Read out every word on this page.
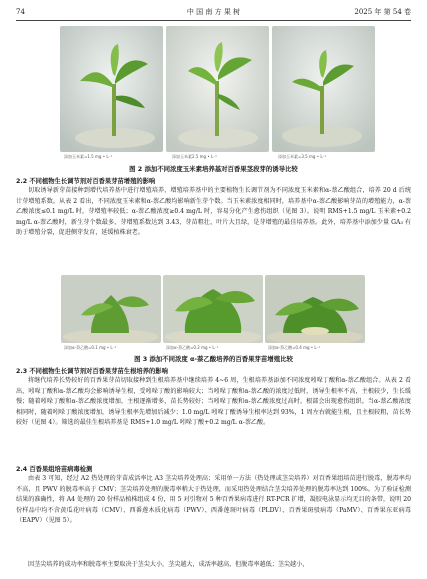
74	中 国 南 方 果 树	2025 年 第 54 卷
添加玉米素=1.5 mg • L⁻¹	添加玉米素2.5 mg • L⁻¹	添加玉米素=3.5 mg • L⁻¹
图 2 添加不同浓度玉米素培养基对百香果茎段芽的诱导比较
2.2 不同植物生长调节剂对百香果芽苗增殖的影响
切取诱导新芽苗接种到增代培养基中进行增殖培养，增殖培养基中的主要植物生长调节剂为不同浓度玉米素和α-萘乙酸组合，培养 20 d 后统计芽增殖系数。从表 2 看出，不同浓度玉米素和α-萘乙酸均影响新生芽个数。当玉米素浓度相同时，培养基中α-萘乙酸影响芽苗的增殖能力，α-萘乙酸浓度≤0.1 mg/L 时，芽增殖率较低；α-萘乙酸浓度≥0.4 mg/L 时，容易分化产生愈伤组织（见图 3）。说明 RMS+1.5 mg/L 玉米素+0.2 mg/L α-萘乙酸时，新生芽个数最多，芽增殖系数达到 3.43，芽苗粗壮，叶片大且绿，是芽增殖的最佳培养基。此外，培养基中添加少量 GA₃ 有助于增殖分裂，促进侧芽发育，延缓植株衰老。
添加α-萘乙酸=0.1 mg • L⁻¹	添加α-萘乙酸=0.2 mg • L⁻¹	添加α-萘乙酸=0.4 mg • L⁻¹
图 3 添加不同浓度 α-萘乙酸培养的百香果芽苗增殖比较
2.3 不同植物生长调节剂对百香果芽苗生根培养的影响
将继代培养长势较好的百香果芽苗切取接种到生根培养基中继续培养 4~6 周，生根培养基添加不同浓度吲哚丁酸和α-萘乙酸组合。从表 2 看出，吲哚丁酸和α-萘乙酸均会影响诱导生根，受吲哚丁酸的影响较大；当吲哚丁酸和α-萘乙酸的浓度过低时，诱导生根率不高，主根较少，生长缓慢；随着吲哚丁酸和α-萘乙酸浓度增加，主根逐渐增多，苗长势较好；当吲哚丁酸和α-萘乙酸浓度过高时，根部会出现愈伤组织。当α-萘乙酸浓度相同时，随着吲哚丁酸浓度增加，诱导生根率先增加后减少；1.0 mg/L 吲哚丁酸诱导生根率达到 93%，1 周左右就能生根，且主根较粗，苗长势较好（见图 4）。筛选的最佳生根培养基是 RMS+1.0 mg/L 吲哚丁酸+0.2 mg/L α-萘乙酸。
2.4 百香果组培苗病毒检测
由表 3 可知，经过 A2 热处理的芽苗成活率比 A3 茎尖培养处理高；采用单一方法（热处理或茎尖培养）对百香果组培苗进行脱毒，脱毒率均不高，且 PWV 的脱毒率高于 CMV；茎尖培养处理的脱毒率稍大于热处理，而采用热处理结合茎尖培养处理的脱毒率达到 100%。为了验证检测结果的准确性，将 A4 处理的 20 份样品植株组成 4 份，用 5 对引物对 5 种百香果病毒进行 RT-PCR 扩增，凝胶电泳显示均无目的条带，说明 20 份样品中均不含黄瓜花叶病毒（CMV）、西番莲木质化病毒（PWV）、西番莲斑叶病毒（PLDV）、百香果斑驳病毒（PaMV）、百香果东亚病毒（EAPV）（见图 5）。
因茎尖培养的成功率和脱毒率主要取决于茎尖大小，茎尖越大，成活率越高，但脱毒率越低；茎尖越小，
